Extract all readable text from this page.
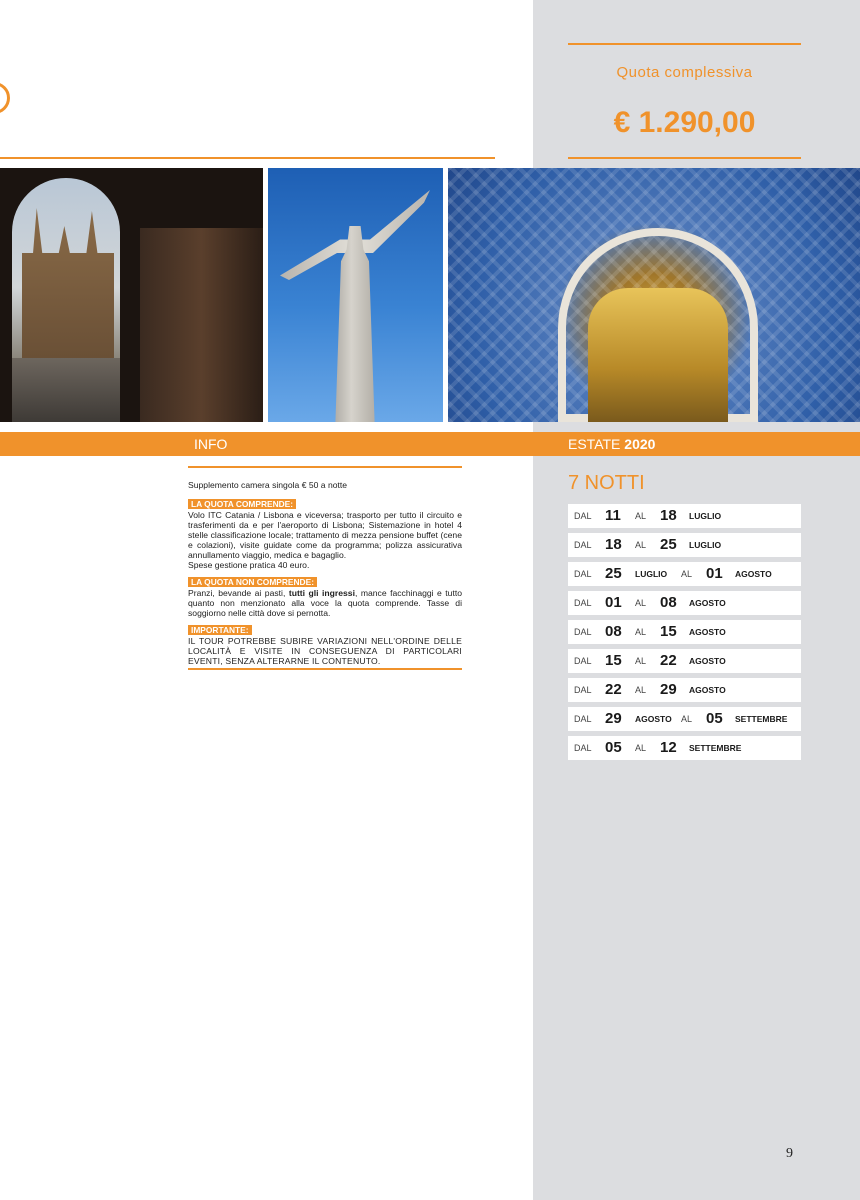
Quota complessiva
€ 1.290,00
INFO	ESTATE 2020

Supplemento camera singola € 50 a notte

LA QUOTA COMPRENDE:

Volo ITC Catania / Lisbona e viceversa; trasporto per tutto il circuito e trasferimenti da e per l'aeroporto di Lisbona; Sistemazione in hotel 4 stelle classificazione locale; trattamento di mezza pensione buffet (cene e colazioni), visite guidate come da programma; polizza assicurativa annullamento viaggio, medica e bagaglio.

Spese gestione pratica 40 euro.

LA QUOTA NON COMPRENDE:

Pranzi, bevande ai pasti, tutti gli ingressi, mance facchinaggi e tutto quanto non menzionato alla voce la quota comprende. Tasse di soggiorno nelle città dove si pernotta.

IMPORTANTE:

IL TOUR POTREBBE SUBIRE VARIAZIONI NELL'ORDINE DELLE LOCALITÀ E VISITE IN CONSEGUENZA DI PARTICOLARI EVENTI, SENZA ALTERARNE IL CONTENUTO.

7 NOTTI
DAL 11 AL 18 LUGLIO
DAL 18 AL 25 LUGLIO
DAL 25 LUGLIO AL 01 AGOSTO
DAL 01 AL 08 AGOSTO
DAL 08 AL 15 AGOSTO
DAL 15 AL 22 AGOSTO
DAL 22 AL 29 AGOSTO
DAL 29 AGOSTO AL 05 SETTEMBRE
DAL 05 AL 12 SETTEMBRE
9
